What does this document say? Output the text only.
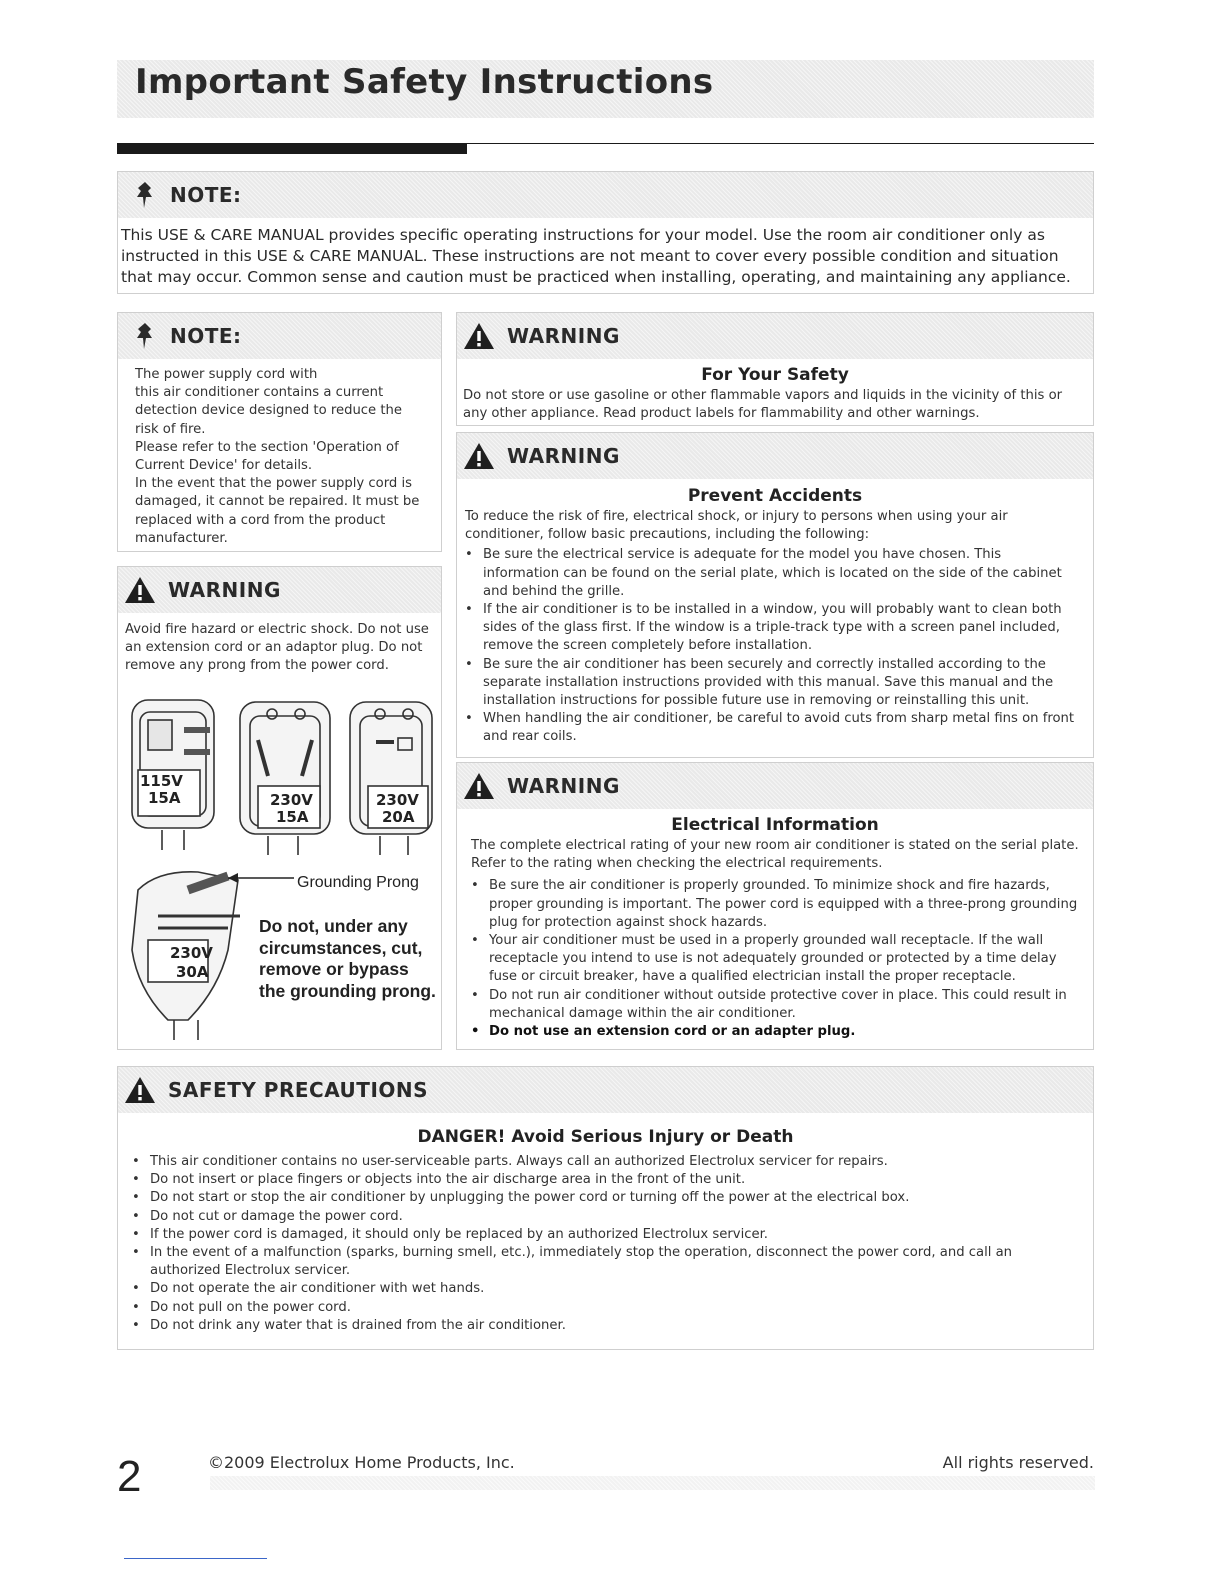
Important Safety Instructions
NOTE:
This USE & CARE MANUAL provides specific operating instructions for your model. Use the room air conditioner only as instructed in this USE & CARE MANUAL. These instructions are not meant to cover every possible condition and situation that may occur. Common sense and caution must be practiced when installing, operating, and maintaining any appliance.
NOTE:
The power supply cord with
this air conditioner contains a current detection device designed to reduce the risk of fire.
Please refer to the section 'Operation of Current Device' for details.
In the event that the power supply cord is damaged, it cannot be repaired. It must be replaced with a cord from the product manufacturer.
WARNING
Avoid fire hazard or electric shock. Do not use an extension cord or an adaptor plug. Do not remove any prong from the power cord.
115V
15A	230V
15A
230V
20A
230V
30A
Grounding Prong
Do not, under any circumstances, cut, remove or bypass the grounding prong.
WARNING
For Your Safety
Do not store or use gasoline or other flammable vapors and liquids in the vicinity of this or any other appliance. Read product labels for flammability and other warnings.
WARNING
Prevent Accidents
To reduce the risk of fire, electrical shock, or injury to persons when using your air conditioner, follow basic precautions, including the following:
• Be sure the electrical service is adequate for the model you have chosen. This information can be found on the serial plate, which is located on the side of the cabinet and behind the grille.
• If the air conditioner is to be installed in a window, you will probably want to clean both sides of the glass first. If the window is a triple-track type with a screen panel included, remove the screen completely before installation.
• Be sure the air conditioner has been securely and correctly installed according to the separate installation instructions provided with this manual. Save this manual and the installation instructions for possible future use in removing or reinstalling this unit.
• When handling the air conditioner, be careful to avoid cuts from sharp metal fins on front and rear coils.
WARNING
Electrical Information
The complete electrical rating of your new room air conditioner is stated on the serial plate. Refer to the rating when checking the electrical requirements.
• Be sure the air conditioner is properly grounded. To minimize shock and fire hazards, proper grounding is important. The power cord is equipped with a three-prong grounding plug for protection against shock hazards.
• Your air conditioner must be used in a properly grounded wall receptacle. If the wall receptacle you intend to use is not adequately grounded or protected by a time delay fuse or circuit breaker, have a qualified electrician install the proper receptacle.
• Do not run air conditioner without outside protective cover in place. This could result in mechanical damage within the air conditioner.
• Do not use an extension cord or an adapter plug.
SAFETY PRECAUTIONS
DANGER! Avoid Serious Injury or Death
• This air conditioner contains no user-serviceable parts. Always call an authorized Electrolux servicer for repairs.
• Do not insert or place fingers or objects into the air discharge area in the front of the unit.
• Do not start or stop the air conditioner by unplugging the power cord or turning off the power at the electrical box.
• Do not cut or damage the power cord.
• If the power cord is damaged, it should only be replaced by an authorized Electrolux servicer.
• In the event of a malfunction (sparks, burning smell, etc.), immediately stop the operation, disconnect the power cord, and call an authorized Electrolux servicer.
• Do not operate the air conditioner with wet hands.
• Do not pull on the power cord.
• Do not drink any water that is drained from the air conditioner.
2	©2009 Electrolux Home Products, Inc.	All rights reserved.
